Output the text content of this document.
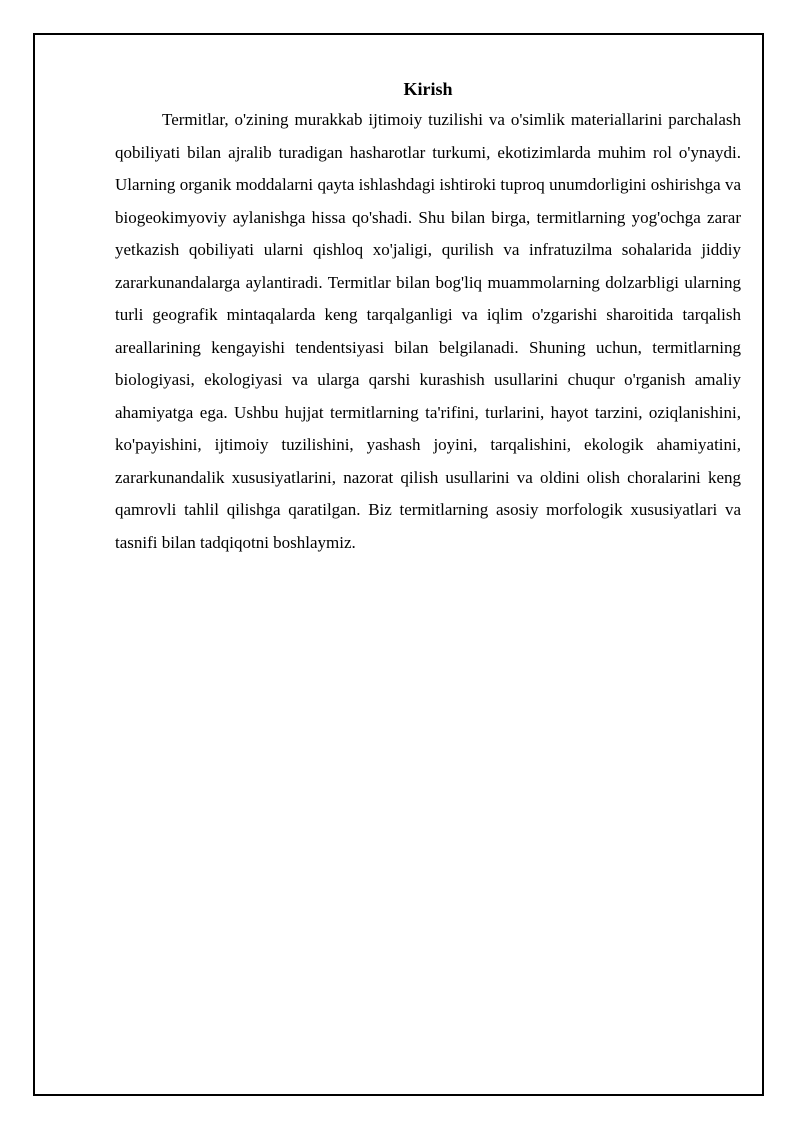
Kirish

Termitlar, o'zining murakkab ijtimoiy tuzilishi va o'simlik materiallarini parchalash qobiliyati bilan ajralib turadigan hasharotlar turkumi, ekotizimlarda muhim rol o'ynaydi. Ularning organik moddalarni qayta ishlashdagi ishtiroki tuproq unumdorligini oshirishga va biogeokimyoviy aylanishga hissa qo'shadi. Shu bilan birga, termitlarning yog'ochga zarar yetkazish qobiliyati ularni qishloq xo'jaligi, qurilish va infratuzilma sohalarida jiddiy zararkunandalarga aylantiradi. Termitlar bilan bog'liq muammolarning dolzarbligi ularning turli geografik mintaqalarda keng tarqalganligi va iqlim o'zgarishi sharoitida tarqalish areallarining kengayishi tendentsiyasi bilan belgilanadi. Shuning uchun, termitlarning biologiyasi, ekologiyasi va ularga qarshi kurashish usullarini chuqur o'rganish amaliy ahamiyatga ega. Ushbu hujjat termitlarning ta'rifini, turlarini, hayot tarzini, oziqlanishini, ko'payishini, ijtimoiy tuzilishini, yashash joyini, tarqalishini, ekologik ahamiyatini, zararkunandalik xususiyatlarini, nazorat qilish usullarini va oldini olish choralarini keng qamrovli tahlil qilishga qaratilgan. Biz termitlarning asosiy morfologik xususiyatlari va tasnifi bilan tadqiqotni boshlaymiz.
